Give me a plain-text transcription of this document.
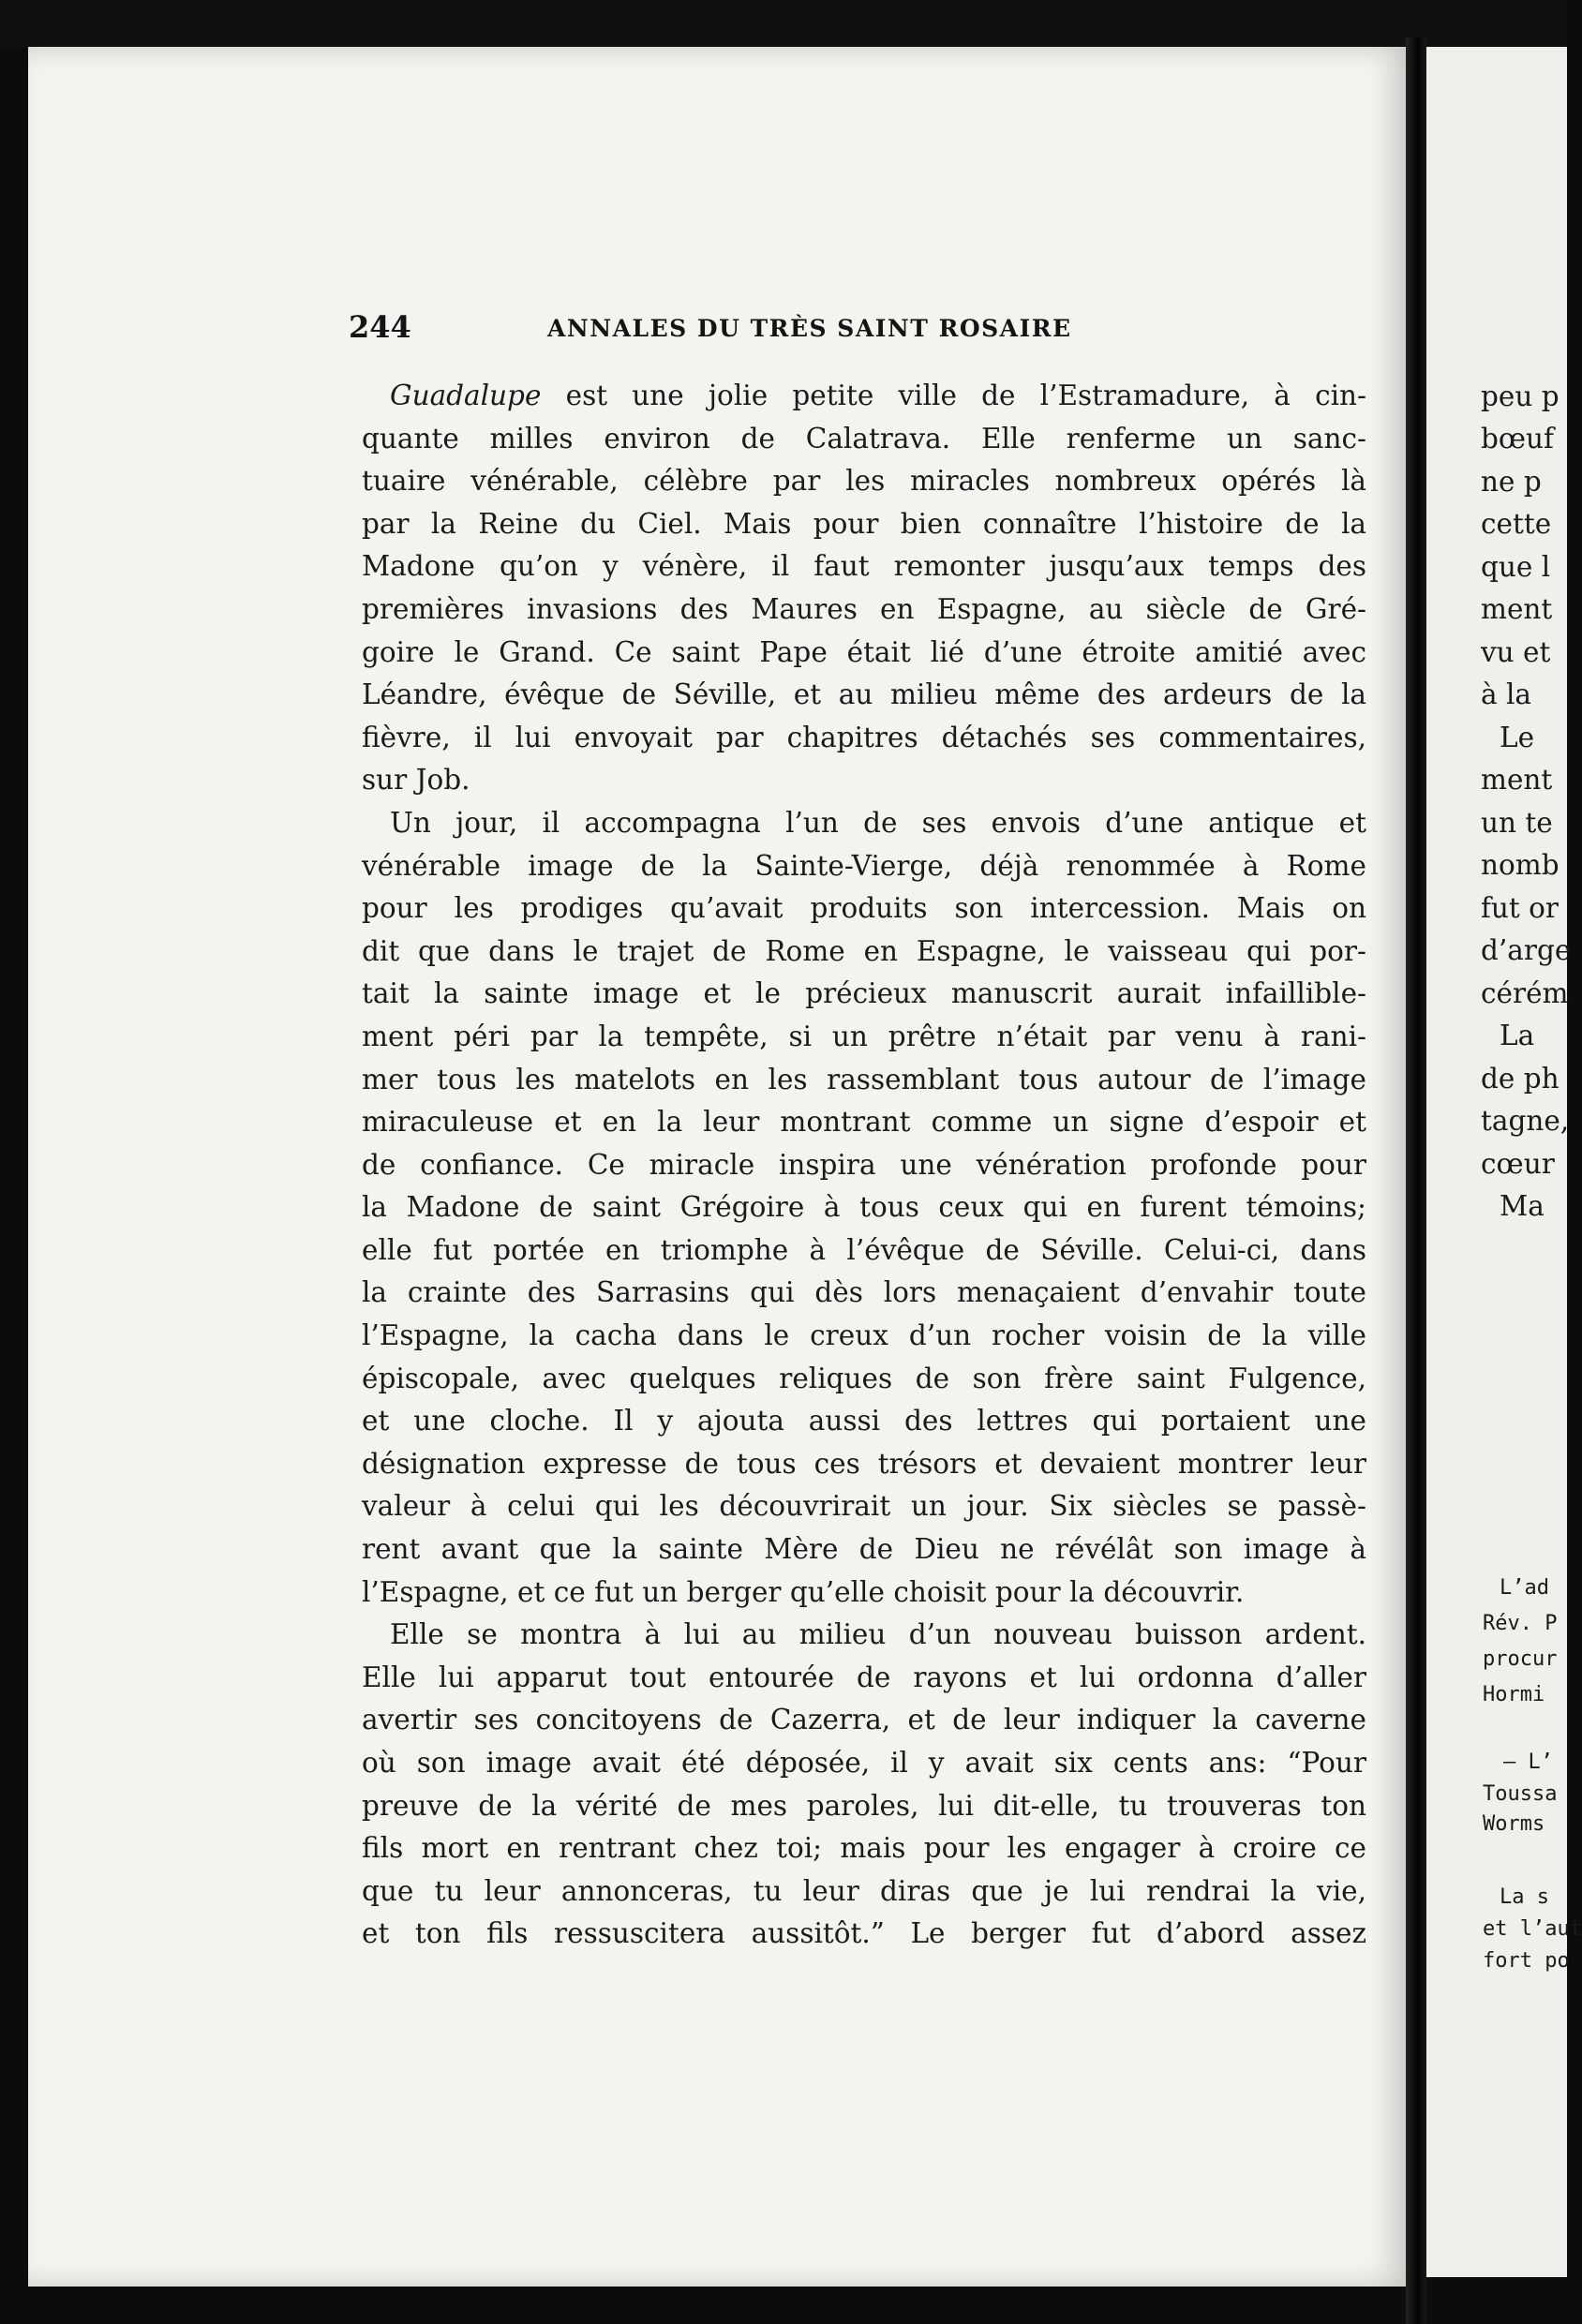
244	ANNALES DU TRÈS SAINT ROSAIRE
Guadalupe est une jolie petite ville de l’Estramadure, à cin-
quante milles environ de Calatrava. Elle renferme un sanc-
tuaire vénérable, célèbre par les miracles nombreux opérés là
par la Reine du Ciel. Mais pour bien connaître l’histoire de la
Madone qu’on y vénère, il faut remonter jusqu’aux temps des
premières invasions des Maures en Espagne, au siècle de Gré-
goire le Grand. Ce saint Pape était lié d’une étroite amitié avec
Léandre, évêque de Séville, et au milieu même des ardeurs de la
fièvre, il lui envoyait par chapitres détachés ses commentaires,
sur Job.
Un jour, il accompagna l’un de ses envois d’une antique et
vénérable image de la Sainte-Vierge, déjà renommée à Rome
pour les prodiges qu’avait produits son intercession. Mais on
dit que dans le trajet de Rome en Espagne, le vaisseau qui por-
tait la sainte image et le précieux manuscrit aurait infaillible-
ment péri par la tempête, si un prêtre n’était par venu à rani-
mer tous les matelots en les rassemblant tous autour de l’image
miraculeuse et en la leur montrant comme un signe d’espoir et
de confiance. Ce miracle inspira une vénération profonde pour
la Madone de saint Grégoire à tous ceux qui en furent témoins;
elle fut portée en triomphe à l’évêque de Séville. Celui-ci, dans
la crainte des Sarrasins qui dès lors menaçaient d’envahir toute
l’Espagne, la cacha dans le creux d’un rocher voisin de la ville
épiscopale, avec quelques reliques de son frère saint Fulgence,
et une cloche. Il y ajouta aussi des lettres qui portaient une
désignation expresse de tous ces trésors et devaient montrer leur
valeur à celui qui les découvrirait un jour. Six siècles se passè-
rent avant que la sainte Mère de Dieu ne révélât son image à
l’Espagne, et ce fut un berger qu’elle choisit pour la découvrir.
Elle se montra à lui au milieu d’un nouveau buisson ardent.
Elle lui apparut tout entourée de rayons et lui ordonna d’aller
avertir ses concitoyens de Cazerra, et de leur indiquer la caverne
où son image avait été déposée, il y avait six cents ans: “Pour
preuve de la vérité de mes paroles, lui dit-elle, tu trouveras ton
fils mort en rentrant chez toi; mais pour les engager à croire ce
que tu leur annonceras, tu leur diras que je lui rendrai la vie,
et ton fils ressuscitera aussitôt.” Le berger fut d’abord assez
peu p
bœuf
ne p
cette
que l
ment
vu et
à la
Le
ment
un te
nomb
fut or
d’arge
cérém
La
de ph
tagne,
cœur
Ma
L’ad
Rév. P
procur
Hormi
— L’
Toussa
Worms
La s
et l’aut
fort po
